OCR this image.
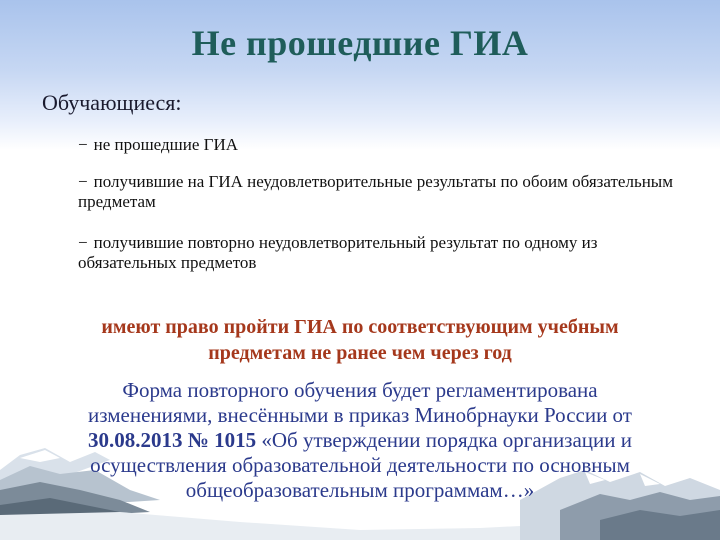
Не прошедшие ГИА
Обучающиеся:
− не прошедшие ГИА
− получившие на ГИА неудовлетворительные результаты по обоим обязательным предметам
− получившие повторно неудовлетворительный результат по одному из обязательных предметов
имеют право пройти ГИА по соответствующим учебным предметам не ранее чем через год
Форма повторного обучения будет регламентирована изменениями, внесёнными в приказ Минобрнауки России от 30.08.2013 № 1015 «Об утверждении порядка организации и осуществления образовательной деятельности по основным общеобразовательным программам…»
